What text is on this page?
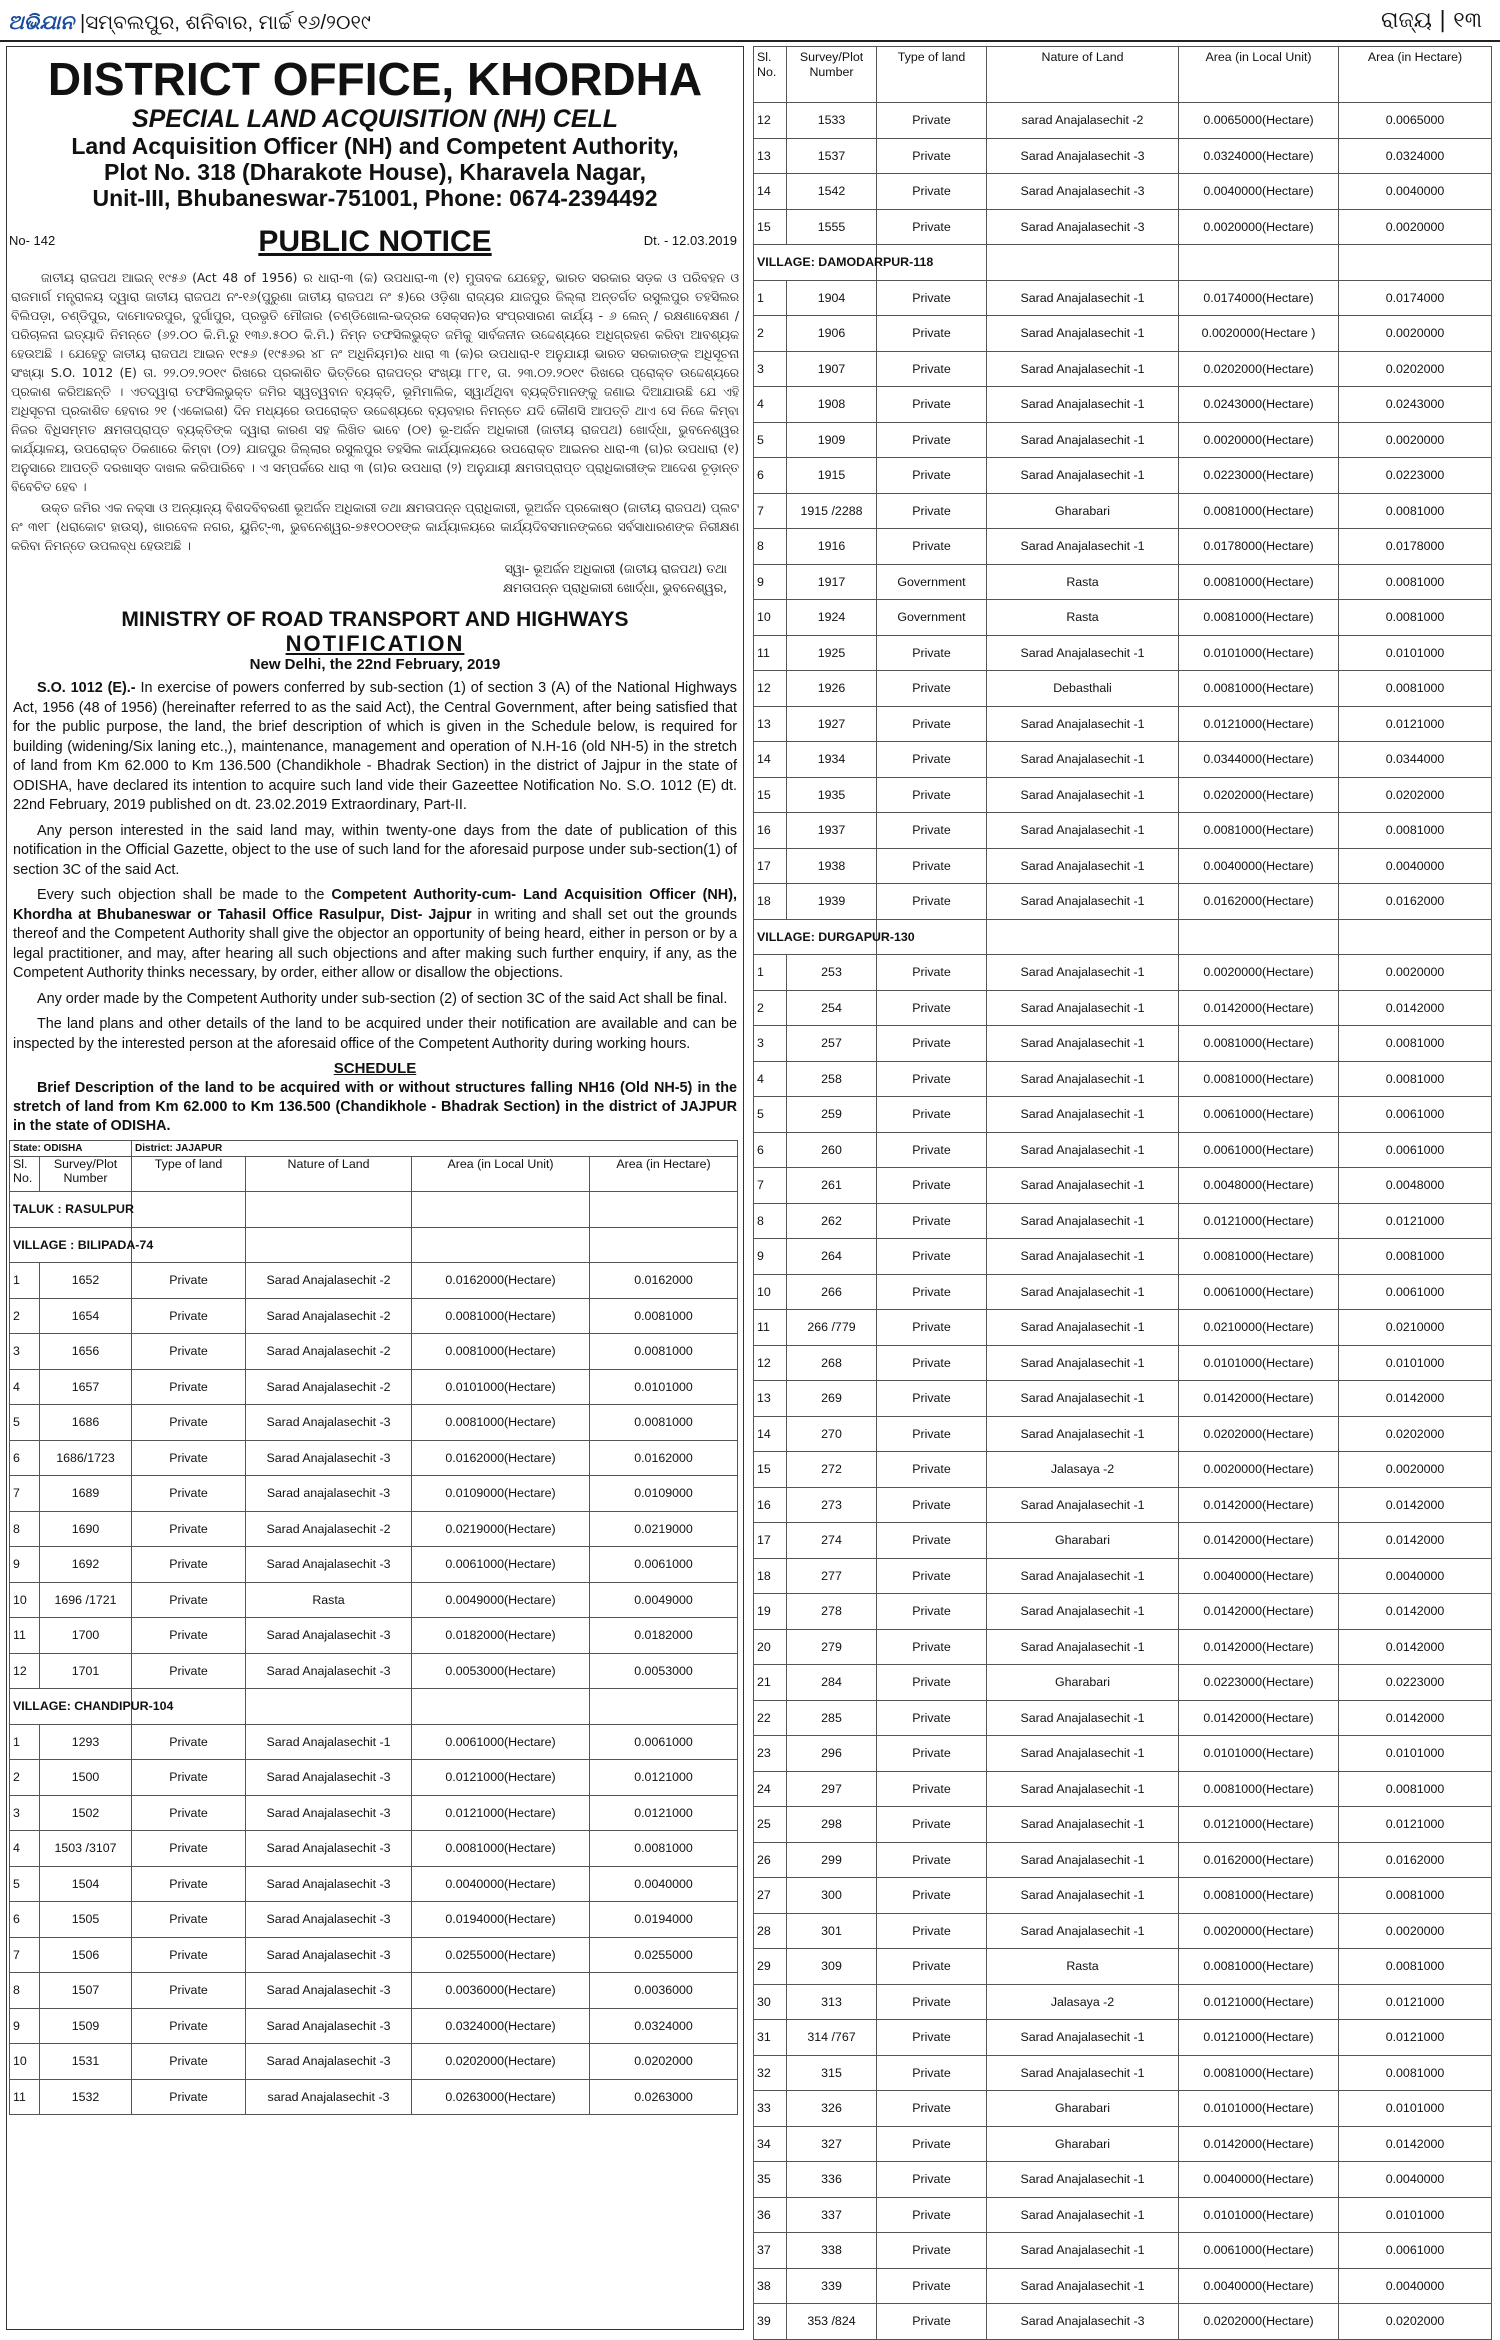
ଅଭିଯାନ |ସମ୍ବଲପୁର, ଶନିବାର, ମାର୍ଚ୍ଚ ୧୬/୨୦୧୯	ରାଜ୍ୟ | ୧୩
DISTRICT OFFICE, KHORDHA
SPECIAL LAND ACQUISITION (NH) CELL
Land Acquisition Officer (NH) and Competent Authority,
Plot No. 318 (Dharakote House), Kharavela Nagar,
Unit-III, Bhubaneswar-751001, Phone: 0674-2394492
No- 142	PUBLIC NOTICE	Dt. - 12.03.2019

ଜାତୀୟ ରାଜପଥ ଆଇନ୍ ୧୯୫୬ (Act 48 of 1956) ର ଧାରା-୩ (କ) ଉପଧାରା-୩ (୧) ମୁତାବକ ଯେହେତୁ, ଭାରତ ସରକାର ସଡ଼କ ଓ ପରିବହନ ଓ ରାଜମାର୍ଗ ମନ୍ତ୍ରାଳୟ ଦ୍ୱାରା ଜାତୀୟ ରାଜପଥ ନଂ-୧୬(ପୁରୁଣା ଜାତୀୟ ରାଜପଥ ନଂ ୫)ରେ ଓଡ଼ିଶା ରାଜ୍ୟର ଯାଜପୁର ଜିଲ୍ଲା ଅନ୍ତର୍ଗତ ରସୁଲପୁର ତହସିଲର ବିଲିପଡ଼ା, ଚଣ୍ଡିପୁର, ଦାମୋଦରପୁର, ଦୁର୍ଗାପୁର, ପ୍ରଭୃତି ମୌଜାର (ଚଣ୍ଡିଖୋଲ-ଭଦ୍ରକ ସେକ୍ସନ)ର ସଂପ୍ରସାରଣ କାର୍ଯ୍ୟ - ୬ ଲେନ୍ / ରକ୍ଷଣାବେକ୍ଷଣ / ପରିଚାଳନା ଇତ୍ୟାଦି ନିମନ୍ତେ (୬୨.୦୦ କି.ମି.ରୁ ୧୩୬.୫୦୦ କି.ମି.) ନିମ୍ନ ତଫସିଲଭୁକ୍ତ ଜମିକୁ ସାର୍ବଜନୀନ ଉଦ୍ଦେଶ୍ୟରେ ଅଧିଗ୍ରହଣ କରିବା ଆବଶ୍ୟକ ହେଉଅଛି । ଯେହେତୁ ଜାତୀୟ ରାଜପଥ ଆଇନ ୧୯୫୬ (୧୯୫୬ର ୪୮ ନଂ ଅଧିନିୟମ)ର ଧାରା ୩ (କ)ର ଉପଧାରା-୧ ଅନୁଯାୟୀ ଭାରତ ସରକାରଙ୍କ ଅଧିସୂଚନା ସଂଖ୍ୟା S.O. 1012 (E) ତା. ୨୨.୦୨.୨୦୧୯ ରିଖରେ ପ୍ରକାଶିତ ଭିତ୍ତିରେ ରାଜପତ୍ର ସଂଖ୍ୟା ୮୮୧, ତା. ୨୩.୦୨.୨୦୧୯ ରିଖରେ ପ୍ରୋକ୍ତ ଉଦ୍ଦେଶ୍ୟରେ ପ୍ରକାଶ କରିଅଛନ୍ତି । ଏତଦ୍ୱାରା ତଫସିଲଭୁକ୍ତ ଜମିର ସ୍ୱତ୍ୱବାନ ବ୍ୟକ୍ତି, ଭୂମିମାଲିକ, ସ୍ୱାର୍ଥଥିବା ବ୍ୟକ୍ତିମାନଙ୍କୁ ଜଣାଇ ଦିଆଯାଉଛି ଯେ ଏହି ଅଧିସୂଚନା ପ୍ରକାଶିତ ହେବାର ୨୧ (ଏକୋଇଶ) ଦିନ ମଧ୍ୟରେ ଉପରୋକ୍ତ ଉଦ୍ଦେଶ୍ୟରେ ବ୍ୟବହାର ନିମନ୍ତେ ଯଦି କୌଣସି ଆପତ୍ତି ଥାଏ ସେ ନିଜେ କିମ୍ବା ନିଜର ବିଧିସମ୍ମତ କ୍ଷମତାପ୍ରାପ୍ତ ବ୍ୟକ୍ତିଙ୍କ ଦ୍ୱାରା କାରଣ ସହ ଲିଖିତ ଭାବେ (୦୧) ଭୂ-ଅର୍ଜନ ଅଧିକାରୀ (ଜାତୀୟ ରାଜପଥ) ଖୋର୍ଦ୍ଧା, ଭୁବନେଶ୍ୱର କାର୍ଯ୍ୟାଳୟ, ଉପରୋକ୍ତ ଠିକଣାରେ କିମ୍ବା (୦୨) ଯାଜପୁର ଜିଲ୍ଲାର ରସୁଲପୁର ତହସିଲ କାର୍ଯ୍ୟାଳୟରେ ଉପରୋକ୍ତ ଆଇନର ଧାରା-୩ (ଗ)ର ଉପଧାରା (୧) ଅନୁସାରେ ଆପତ୍ତି ଦରଖାସ୍ତ ଦାଖଲ କରିପାରିବେ । ଏ ସମ୍ପର୍କରେ ଧାରା ୩ (ଗ)ର ଉପଧାରା (୨) ଅନୁଯାୟୀ କ୍ଷମତାପ୍ରାପ୍ତ ପ୍ରାଧିକାରୀଙ୍କ ଆଦେଶ ଚୂଡ଼ାନ୍ତ ବିବେଚିତ ହେବ ।

ଉକ୍ତ ଜମିର ଏକ ନକ୍ସା ଓ ଅନ୍ୟାନ୍ୟ ବିଶଦବିବରଣୀ ଭୂଅର୍ଜନ ଅଧିକାରୀ ତଥା କ୍ଷମତାପନ୍ନ ପ୍ରାଧିକାରୀ, ଭୂଅର୍ଜନ ପ୍ରକୋଷ୍ଠ (ଜାତୀୟ ରାଜପଥ) ପ୍ଲଟ ନଂ ୩୧୮ (ଧରାକୋଟ ହାଉସ୍), ଖାରବେଳ ନଗର, ୟୁନିଟ୍-୩, ଭୁବନେଶ୍ୱର-୭୫୧୦୦୧ଙ୍କ କାର୍ଯ୍ୟାଳୟରେ କାର୍ଯ୍ୟଦିବସମାନଙ୍କରେ ସର୍ବସାଧାରଣଙ୍କ ନିରୀକ୍ଷଣ କରିବା ନିମନ୍ତେ ଉପଲବ୍ଧ ହେଉଅଛି ।

ସ୍ୱା- ଭୂଅର୍ଜନ ଅଧିକାରୀ (ଜାତୀୟ ରାଜପଥ) ତଥା
କ୍ଷମତାପନ୍ନ ପ୍ରାଧିକାରୀ ଖୋର୍ଦ୍ଧା, ଭୁବନେଶ୍ୱର,
MINISTRY OF ROAD TRANSPORT AND HIGHWAYS
NOTIFICATION
New Delhi, the 22nd February, 2019

S.O. 1012 (E).- In exercise of powers conferred by sub-section (1) of section 3 (A) of the National Highways Act, 1956 (48 of 1956) (hereinafter referred to as the said Act), the Central Government, after being satisfied that for the public purpose, the land, the brief description of which is given in the Schedule below, is required for building (widening/Six laning etc.,), maintenance, management and operation of N.H-16 (old NH-5) in the stretch of land from Km 62.000 to Km 136.500 (Chandikhole - Bhadrak Section) in the district of Jajpur in the state of ODISHA, have declared its intention to acquire such land vide their Gazeettee Notification No. S.O. 1012 (E) dt. 22nd February, 2019 published on dt. 23.02.2019 Extraordinary, Part-II.

Any person interested in the said land may, within twenty-one days from the date of publication of this notification in the Official Gazette, object to the use of such land for the aforesaid purpose under sub-section(1) of section 3C of the said Act.

Every such objection shall be made to the Competent Authority-cum- Land Acquisition Officer (NH), Khordha at Bhubaneswar or Tahasil Office Rasulpur, Dist- Jajpur in writing and shall set out the grounds thereof and the Competent Authority shall give the objector an opportunity of being heard, either in person or by a legal practitioner, and may, after hearing all such objections and after making such further enquiry, if any, as the Competent Authority thinks necessary, by order, either allow or disallow the objections.

Any order made by the Competent Authority under sub-section (2) of section 3C of the said Act shall be final.

The land plans and other details of the land to be acquired under their notification are available and can be inspected by the interested person at the aforesaid office of the Competent Authority during working hours.

SCHEDULE

Brief Description of the land to be acquired with or without structures falling NH16 (Old NH-5) in the stretch of land from Km 62.000 to Km 136.500 (Chandikhole - Bhadrak Section) in the district of JAJPUR in the state of ODISHA.

State: ODISHA		District: JAJAPUR			
Sl. No.	Survey/Plot Number	Type of land	Nature of Land	Area (in Local Unit)	Area (in Hectare)
TALUK : RASULPUR					
VILLAGE : BILIPADA-74					
1	1652	Private	Sarad Anajalasechit -2	0.0162000(Hectare)	0.0162000
2	1654	Private	Sarad Anajalasechit -2	0.0081000(Hectare)	0.0081000
3	1656	Private	Sarad Anajalasechit -2	0.0081000(Hectare)	0.0081000
4	1657	Private	Sarad Anajalasechit -2	0.0101000(Hectare)	0.0101000
5	1686	Private	Sarad Anajalasechit -3	0.0081000(Hectare)	0.0081000
6	1686/1723	Private	Sarad Anajalasechit -3	0.0162000(Hectare)	0.0162000
7	1689	Private	Sarad anajalasechit -3	0.0109000(Hectare)	0.0109000
8	1690	Private	Sarad Anajalasechit -2	0.0219000(Hectare)	0.0219000
9	1692	Private	Sarad Anajalasechit -3	0.0061000(Hectare)	0.0061000
10	1696 /1721	Private	Rasta	0.0049000(Hectare)	0.0049000
11	1700	Private	Sarad Anajalasechit -3	0.0182000(Hectare)	0.0182000
12	1701	Private	Sarad Anajalasechit -3	0.0053000(Hectare)	0.0053000
VILLAGE: CHANDIPUR-104					
1	1293	Private	Sarad Anajalasechit -1	0.0061000(Hectare)	0.0061000
2	1500	Private	Sarad Anajalasechit -3	0.0121000(Hectare)	0.0121000
3	1502	Private	Sarad Anajalasechit -3	0.0121000(Hectare)	0.0121000
4	1503 /3107	Private	Sarad Anajalasechit -3	0.0081000(Hectare)	0.0081000
5	1504	Private	Sarad Anajalasechit -3	0.0040000(Hectare)	0.0040000
6	1505	Private	Sarad Anajalasechit -3	0.0194000(Hectare)	0.0194000
7	1506	Private	Sarad Anajalasechit -3	0.0255000(Hectare)	0.0255000
8	1507	Private	Sarad Anajalasechit -3	0.0036000(Hectare)	0.0036000
9	1509	Private	Sarad Anajalasechit -3	0.0324000(Hectare)	0.0324000
10	1531	Private	Sarad Anajalasechit -3	0.0202000(Hectare)	0.0202000
11	1532	Private	sarad Anajalasechit -3	0.0263000(Hectare)	0.0263000
Sl. No.	Survey/Plot Number	Type of land	Nature of Land	Area (in Local Unit)	Area (in Hectare)
12	1533	Private	sarad Anajalasechit -2	0.0065000(Hectare)	0.0065000
13	1537	Private	Sarad Anajalasechit -3	0.0324000(Hectare)	0.0324000
14	1542	Private	Sarad Anajalasechit -3	0.0040000(Hectare)	0.0040000
15	1555	Private	Sarad Anajalasechit -3	0.0020000(Hectare)	0.0020000
VILLAGE: DAMODARPUR-118					
1	1904	Private	Sarad Anajalasechit -1	0.0174000(Hectare)	0.0174000
2	1906	Private	Sarad Anajalasechit -1	0.0020000(Hectare )	0.0020000
3	1907	Private	Sarad Anajalasechit -1	0.0202000(Hectare)	0.0202000
4	1908	Private	Sarad Anajalasechit -1	0.0243000(Hectare)	0.0243000
5	1909	Private	Sarad Anajalasechit -1	0.0020000(Hectare)	0.0020000
6	1915	Private	Sarad Anajalasechit -1	0.0223000(Hectare)	0.0223000
7	1915 /2288	Private	Gharabari	0.0081000(Hectare)	0.0081000
8	1916	Private	Sarad Anajalasechit -1	0.0178000(Hectare)	0.0178000
9	1917	Government	Rasta	0.0081000(Hectare)	0.0081000
10	1924	Government	Rasta	0.0081000(Hectare)	0.0081000
11	1925	Private	Sarad Anajalasechit -1	0.0101000(Hectare)	0.0101000
12	1926	Private	Debasthali	0.0081000(Hectare)	0.0081000
13	1927	Private	Sarad Anajalasechit -1	0.0121000(Hectare)	0.0121000
14	1934	Private	Sarad Anajalasechit -1	0.0344000(Hectare)	0.0344000
15	1935	Private	Sarad Anajalasechit -1	0.0202000(Hectare)	0.0202000
16	1937	Private	Sarad Anajalasechit -1	0.0081000(Hectare)	0.0081000
17	1938	Private	Sarad Anajalasechit -1	0.0040000(Hectare)	0.0040000
18	1939	Private	Sarad Anajalasechit -1	0.0162000(Hectare)	0.0162000
VILLAGE: DURGAPUR-130					
1	253	Private	Sarad Anajalasechit -1	0.0020000(Hectare)	0.0020000
2	254	Private	Sarad Anajalasechit -1	0.0142000(Hectare)	0.0142000
3	257	Private	Sarad Anajalasechit -1	0.0081000(Hectare)	0.0081000
4	258	Private	Sarad Anajalasechit -1	0.0081000(Hectare)	0.0081000
5	259	Private	Sarad Anajalasechit -1	0.0061000(Hectare)	0.0061000
6	260	Private	Sarad Anajalasechit -1	0.0061000(Hectare)	0.0061000
7	261	Private	Sarad Anajalasechit -1	0.0048000(Hectare)	0.0048000
8	262	Private	Sarad Anajalasechit -1	0.0121000(Hectare)	0.0121000
9	264	Private	Sarad Anajalasechit -1	0.0081000(Hectare)	0.0081000
10	266	Private	Sarad Anajalasechit -1	0.0061000(Hectare)	0.0061000
11	266 /779	Private	Sarad Anajalasechit -1	0.0210000(Hectare)	0.0210000
12	268	Private	Sarad Anajalasechit -1	0.0101000(Hectare)	0.0101000
13	269	Private	Sarad Anajalasechit -1	0.0142000(Hectare)	0.0142000
14	270	Private	Sarad Anajalasechit -1	0.0202000(Hectare)	0.0202000
15	272	Private	Jalasaya -2	0.0020000(Hectare)	0.0020000
16	273	Private	Sarad Anajalasechit -1	0.0142000(Hectare)	0.0142000
17	274	Private	Gharabari	0.0142000(Hectare)	0.0142000
18	277	Private	Sarad Anajalasechit -1	0.0040000(Hectare)	0.0040000
19	278	Private	Sarad Anajalasechit -1	0.0142000(Hectare)	0.0142000
20	279	Private	Sarad Anajalasechit -1	0.0142000(Hectare)	0.0142000
21	284	Private	Gharabari	0.0223000(Hectare)	0.0223000
22	285	Private	Sarad Anajalasechit -1	0.0142000(Hectare)	0.0142000
23	296	Private	Sarad Anajalasechit -1	0.0101000(Hectare)	0.0101000
24	297	Private	Sarad Anajalasechit -1	0.0081000(Hectare)	0.0081000
25	298	Private	Sarad Anajalasechit -1	0.0121000(Hectare)	0.0121000
26	299	Private	Sarad Anajalasechit -1	0.0162000(Hectare)	0.0162000
27	300	Private	Sarad Anajalasechit -1	0.0081000(Hectare)	0.0081000
28	301	Private	Sarad Anajalasechit -1	0.0020000(Hectare)	0.0020000
29	309	Private	Rasta	0.0081000(Hectare)	0.0081000
30	313	Private	Jalasaya -2	0.0121000(Hectare)	0.0121000
31	314 /767	Private	Sarad Anajalasechit -1	0.0121000(Hectare)	0.0121000
32	315	Private	Sarad Anajalasechit -1	0.0081000(Hectare)	0.0081000
33	326	Private	Gharabari	0.0101000(Hectare)	0.0101000
34	327	Private	Gharabari	0.0142000(Hectare)	0.0142000
35	336	Private	Sarad Anajalasechit -1	0.0040000(Hectare)	0.0040000
36	337	Private	Sarad Anajalasechit -1	0.0101000(Hectare)	0.0101000
37	338	Private	Sarad Anajalasechit -1	0.0061000(Hectare)	0.0061000
38	339	Private	Sarad Anajalasechit -1	0.0040000(Hectare)	0.0040000
39	353 /824	Private	Sarad Anajalasechit -3	0.0202000(Hectare)	0.0202000
